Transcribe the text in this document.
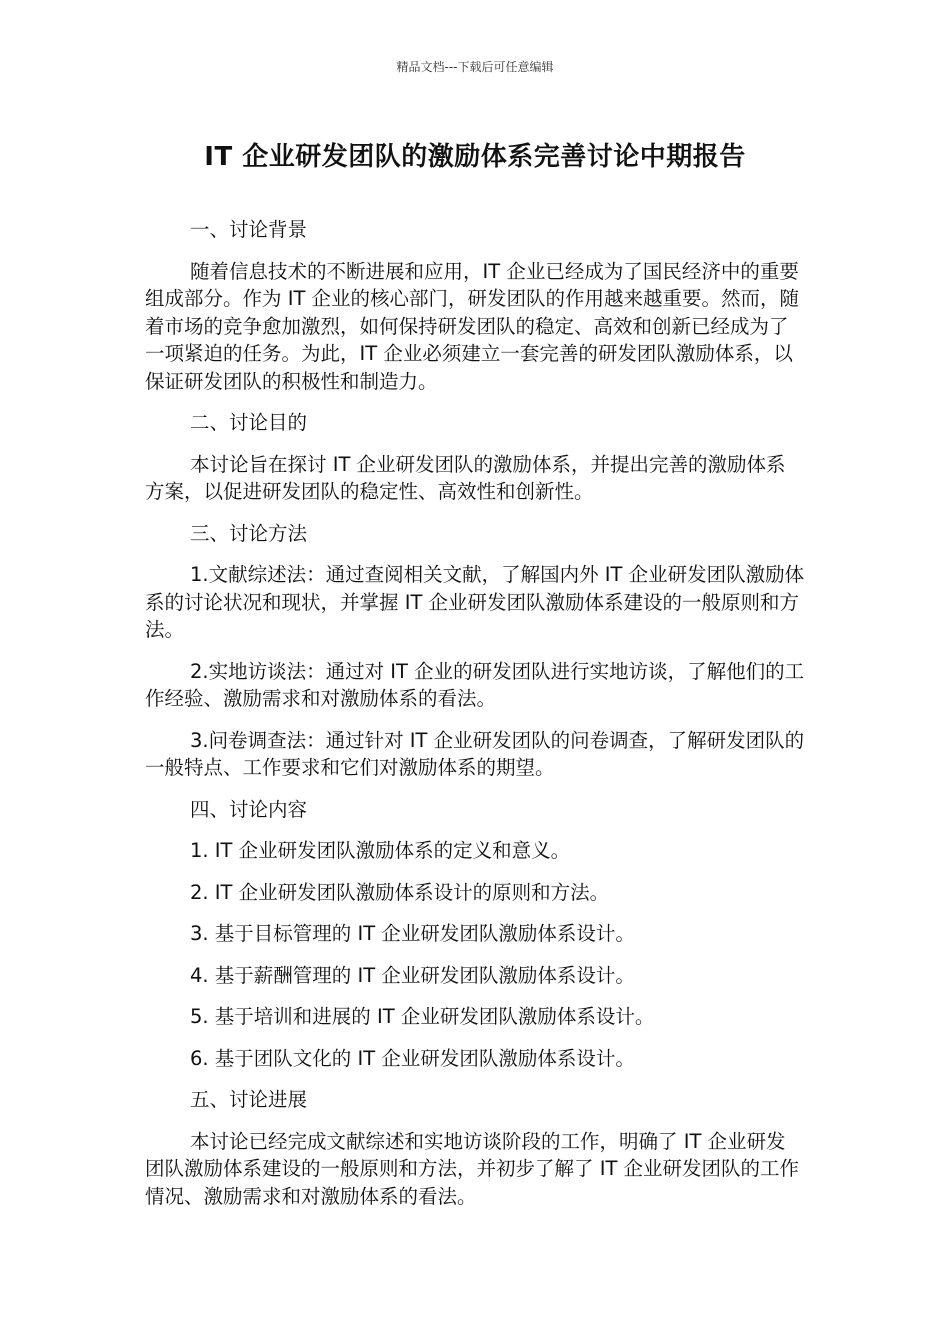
精品文档---下载后可任意编辑
IT 企业研发团队的激励体系完善讨论中期报告

一、讨论背景

随着信息技术的不断进展和应用，IT 企业已经成为了国民经济中的重要组成部分。作为 IT 企业的核心部门，研发团队的作用越来越重要。然而，随着市场的竞争愈加激烈，如何保持研发团队的稳定、高效和创新已经成为了一项紧迫的任务。为此，IT 企业必须建立一套完善的研发团队激励体系，以保证研发团队的积极性和制造力。

二、讨论目的

本讨论旨在探讨 IT 企业研发团队的激励体系，并提出完善的激励体系方案，以促进研发团队的稳定性、高效性和创新性。

三、讨论方法

1.文献综述法：通过查阅相关文献，了解国内外 IT 企业研发团队激励体系的讨论状况和现状，并掌握 IT 企业研发团队激励体系建设的一般原则和方法。

2.实地访谈法：通过对 IT 企业的研发团队进行实地访谈，了解他们的工作经验、激励需求和对激励体系的看法。

3.问卷调查法：通过针对 IT 企业研发团队的问卷调查，了解研发团队的一般特点、工作要求和它们对激励体系的期望。

四、讨论内容

1. IT 企业研发团队激励体系的定义和意义。

2. IT 企业研发团队激励体系设计的原则和方法。

3. 基于目标管理的 IT 企业研发团队激励体系设计。

4. 基于薪酬管理的 IT 企业研发团队激励体系设计。

5. 基于培训和进展的 IT 企业研发团队激励体系设计。

6. 基于团队文化的 IT 企业研发团队激励体系设计。

五、讨论进展

本讨论已经完成文献综述和实地访谈阶段的工作，明确了 IT 企业研发团队激励体系建设的一般原则和方法，并初步了解了 IT 企业研发团队的工作情况、激励需求和对激励体系的看法。
